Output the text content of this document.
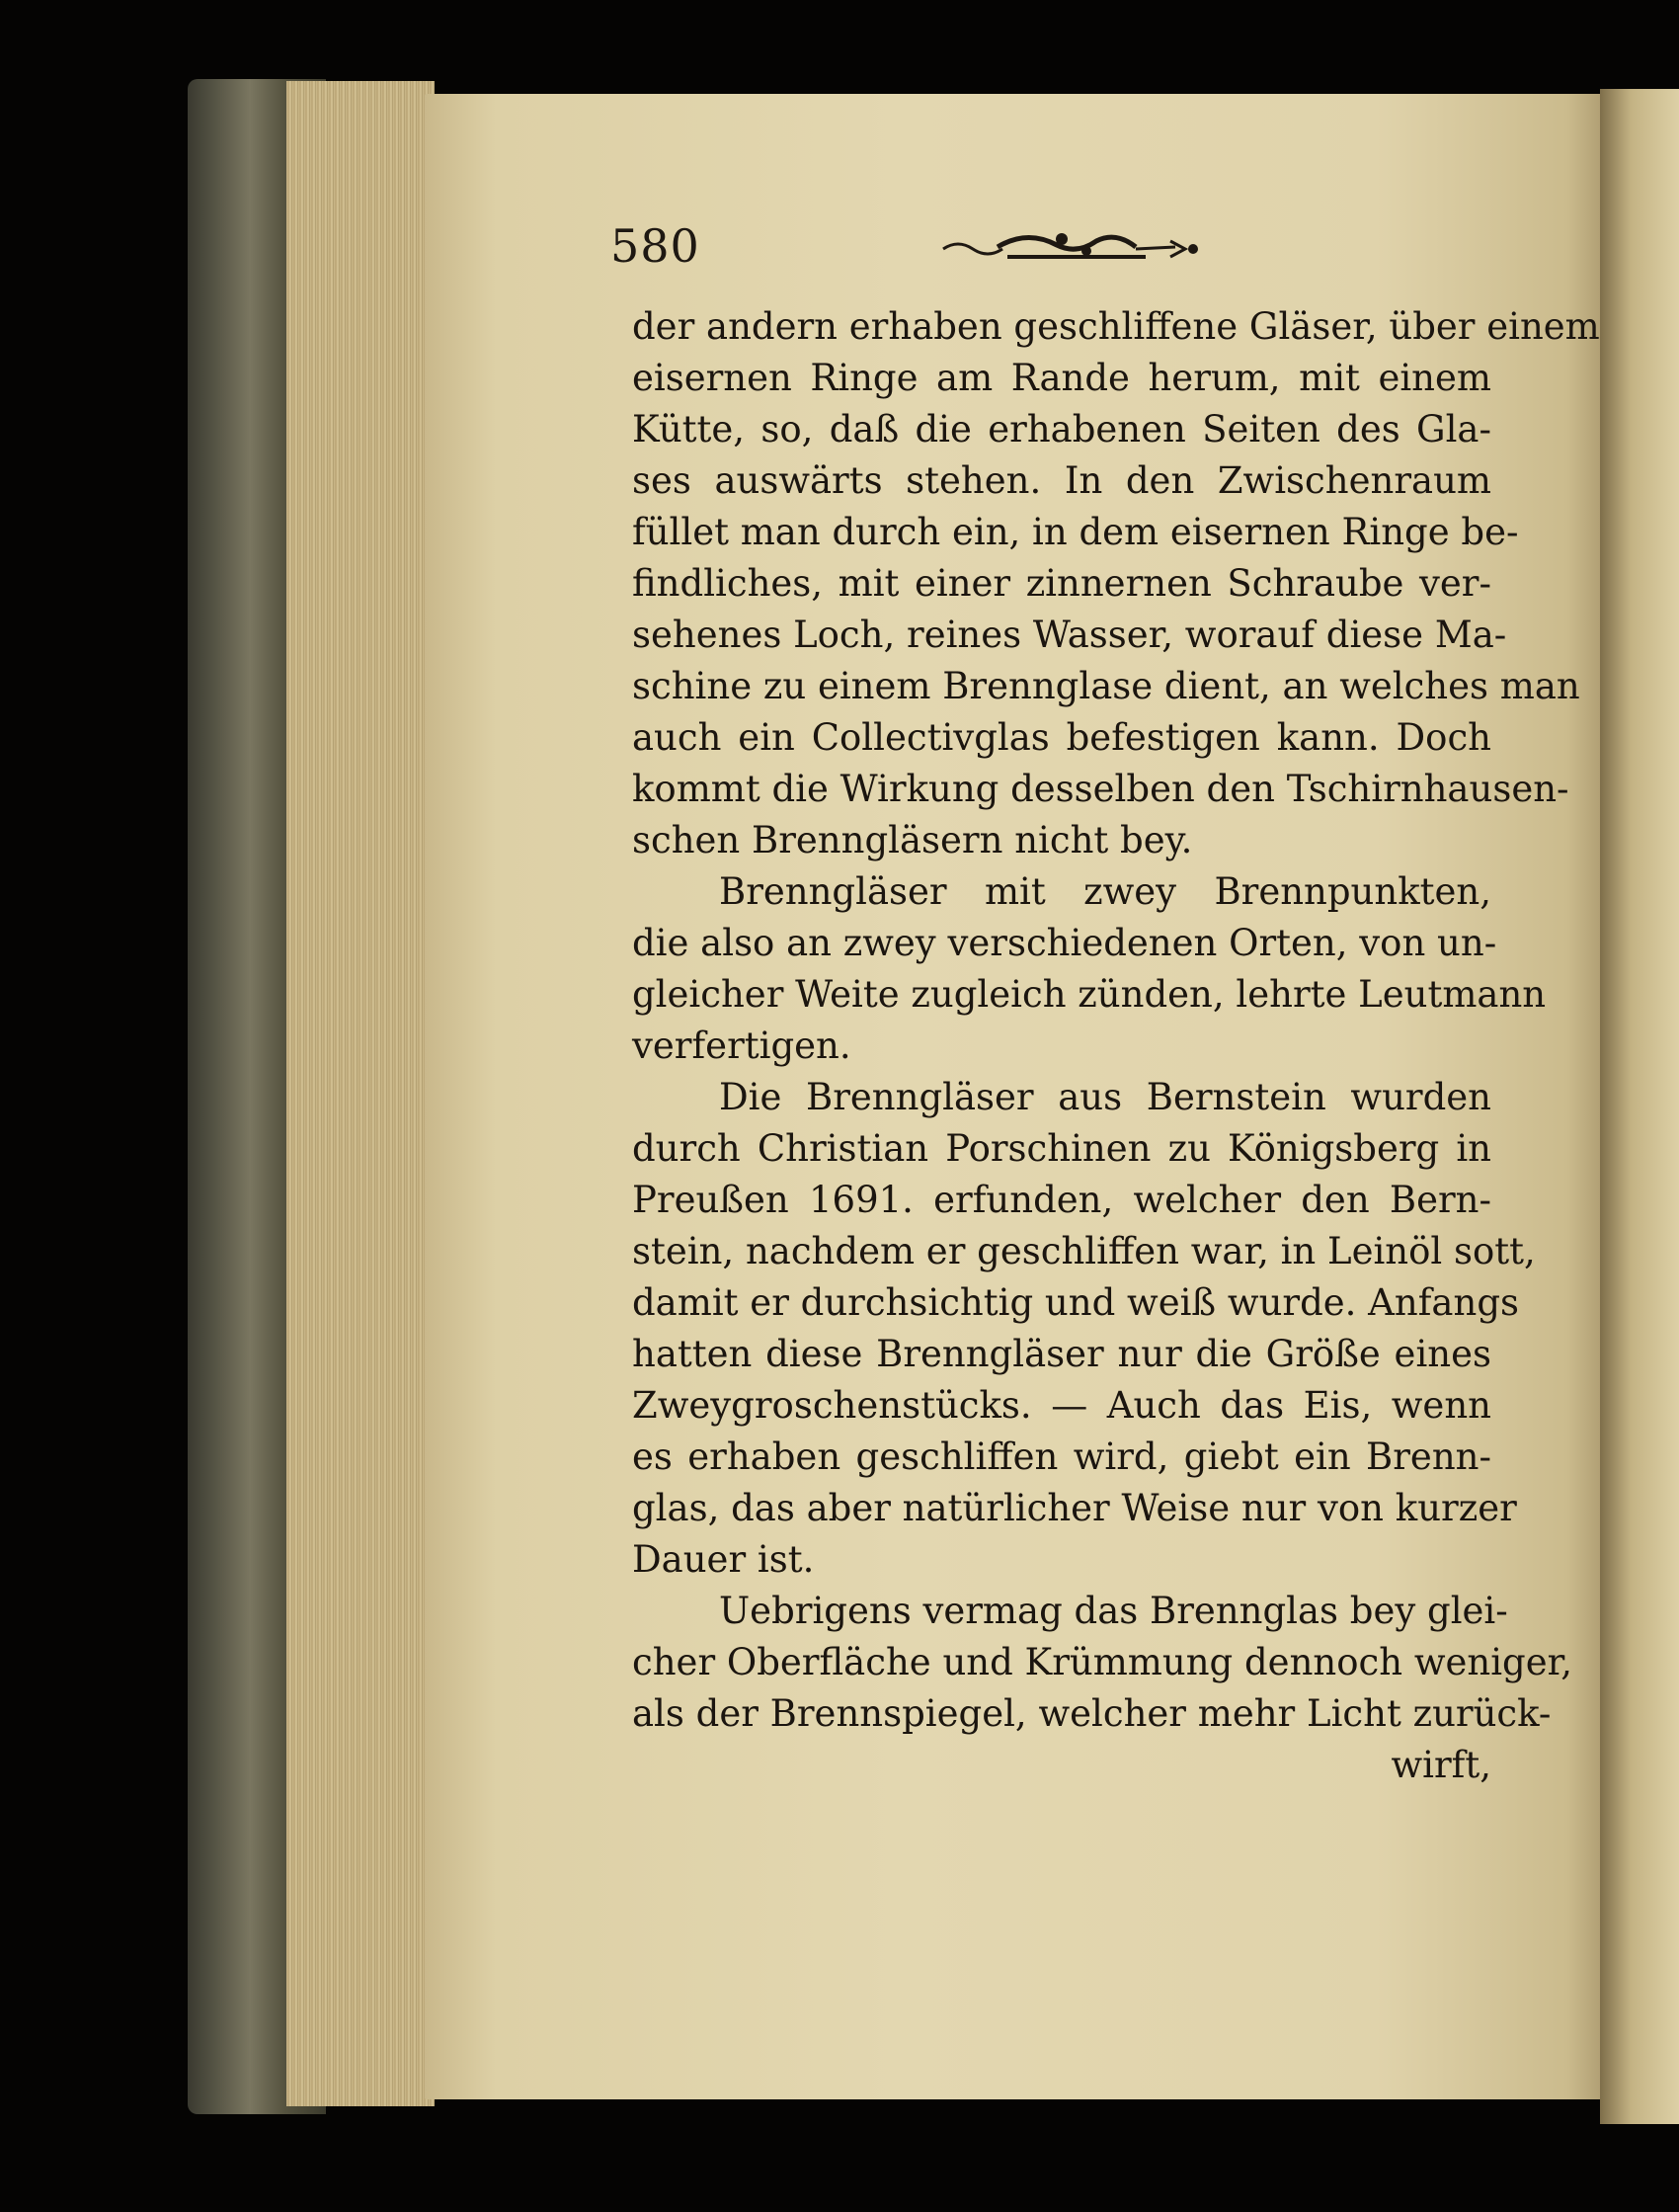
580
der andern erhaben geschliffene Gläser, über einem
eisernen Ringe am Rande herum, mit einem
Kütte, so, daß die erhabenen Seiten des Gla-
ses auswärts stehen. In den Zwischenraum
füllet man durch ein, in dem eisernen Ringe be-
findliches, mit einer zinnernen Schraube ver-
sehenes Loch, reines Wasser, worauf diese Ma-
schine zu einem Brennglase dient, an welches man
auch ein Collectivglas befestigen kann. Doch
kommt die Wirkung desselben den Tschirnhausen-
schen Brenngläsern nicht bey.
Brenngläser mit zwey Brennpunkten,
die also an zwey verschiedenen Orten, von un-
gleicher Weite zugleich zünden, lehrte Leutmann
verfertigen.
Die Brenngläser aus Bernstein wurden
durch Christian Porschinen zu Königsberg in
Preußen 1691. erfunden, welcher den Bern-
stein, nachdem er geschliffen war, in Leinöl sott,
damit er durchsichtig und weiß wurde. Anfangs
hatten diese Brenngläser nur die Größe eines
Zweygroschenstücks. — Auch das Eis, wenn
es erhaben geschliffen wird, giebt ein Brenn-
glas, das aber natürlicher Weise nur von kurzer
Dauer ist.
Uebrigens vermag das Brennglas bey glei-
cher Oberfläche und Krümmung dennoch weniger,
als der Brennspiegel, welcher mehr Licht zurück-
wirft,
